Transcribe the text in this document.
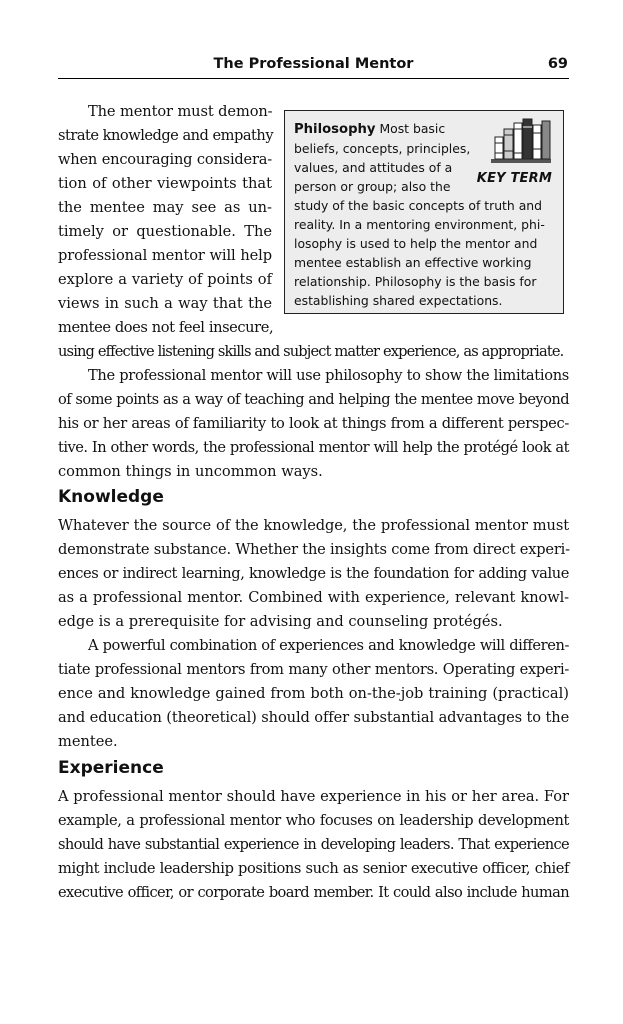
The Professional Mentor	69
The mentor must demon-
strate knowledge and empathy
when encouraging considera-
tion of other viewpoints that
the mentee may see as un-
timely or questionable. The
professional mentor will help
explore a variety of points of
views in such a way that the
mentee does not feel insecure,
using effective listening skills and subject matter experience, as appropriate.
Philosophy Most basic
beliefs, concepts, principles,
values, and attitudes of a
person or group; also the
study of the basic concepts of truth and
reality. In a mentoring environment, phi-
losophy is used to help the mentor and
mentee establish an effective working
relationship. Philosophy is the basis for
establishing shared expectations.
KEY TERM
The professional mentor will use philosophy to show the limitations
of some points as a way of teaching and helping the mentee move beyond
his or her areas of familiarity to look at things from a different perspec-
tive. In other words, the professional mentor will help the protégé look at
common things in uncommon ways.
Knowledge
Whatever the source of the knowledge, the professional mentor must
demonstrate substance. Whether the insights come from direct experi-
ences or indirect learning, knowledge is the foundation for adding value
as a professional mentor. Combined with experience, relevant knowl-
edge is a prerequisite for advising and counseling protégés.
A powerful combination of experiences and knowledge will differen-
tiate professional mentors from many other mentors. Operating experi-
ence and knowledge gained from both on-the-job training (practical)
and education (theoretical) should offer substantial advantages to the
mentee.
Experience
A professional mentor should have experience in his or her area. For
example, a professional mentor who focuses on leadership development
should have substantial experience in developing leaders. That experience
might include leadership positions such as senior executive officer, chief
executive officer, or corporate board member. It could also include human
